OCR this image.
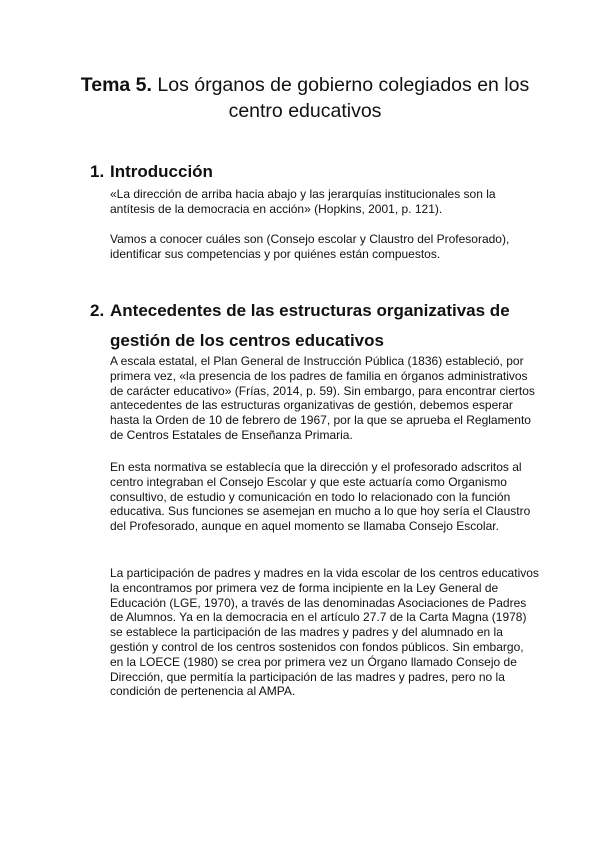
Tema 5. Los órganos de gobierno colegiados en los centro educativos
1. Introducción

«La dirección de arriba hacia abajo y las jerarquías institucionales son la antítesis de la democracia en acción» (Hopkins, 2001, p. 121).

Vamos a conocer cuáles son (Consejo escolar y Claustro del Profesorado), identificar sus competencias y por quiénes están compuestos.

2. Antecedentes de las estructuras organizativas de gestión de los centros educativos

A escala estatal, el Plan General de Instrucción Pública (1836) estableció, por primera vez, «la presencia de los padres de familia en órganos administrativos de carácter educativo» (Frías, 2014, p. 59). Sin embargo, para encontrar ciertos antecedentes de las estructuras organizativas de gestión, debemos esperar hasta la Orden de 10 de febrero de 1967, por la que se aprueba el Reglamento de Centros Estatales de Enseñanza Primaria.

En esta normativa se establecía que la dirección y el profesorado adscritos al centro integraban el Consejo Escolar y que este actuaría como Organismo consultivo, de estudio y comunicación en todo lo relacionado con la función educativa. Sus funciones se asemejan en mucho a lo que hoy sería el Claustro del Profesorado, aunque en aquel momento se llamaba Consejo Escolar.

La participación de padres y madres en la vida escolar de los centros educativos la encontramos por primera vez de forma incipiente en la Ley General de Educación (LGE, 1970), a través de las denominadas Asociaciones de Padres de Alumnos. Ya en la democracia en el artículo 27.7 de la Carta Magna (1978) se establece la participación de las madres y padres y del alumnado en la gestión y control de los centros sostenidos con fondos públicos. Sin embargo, en la LOECE (1980) se crea por primera vez un Órgano llamado Consejo de Dirección, que permitía la participación de las madres y padres, pero no la condición de pertenencia al AMPA.
